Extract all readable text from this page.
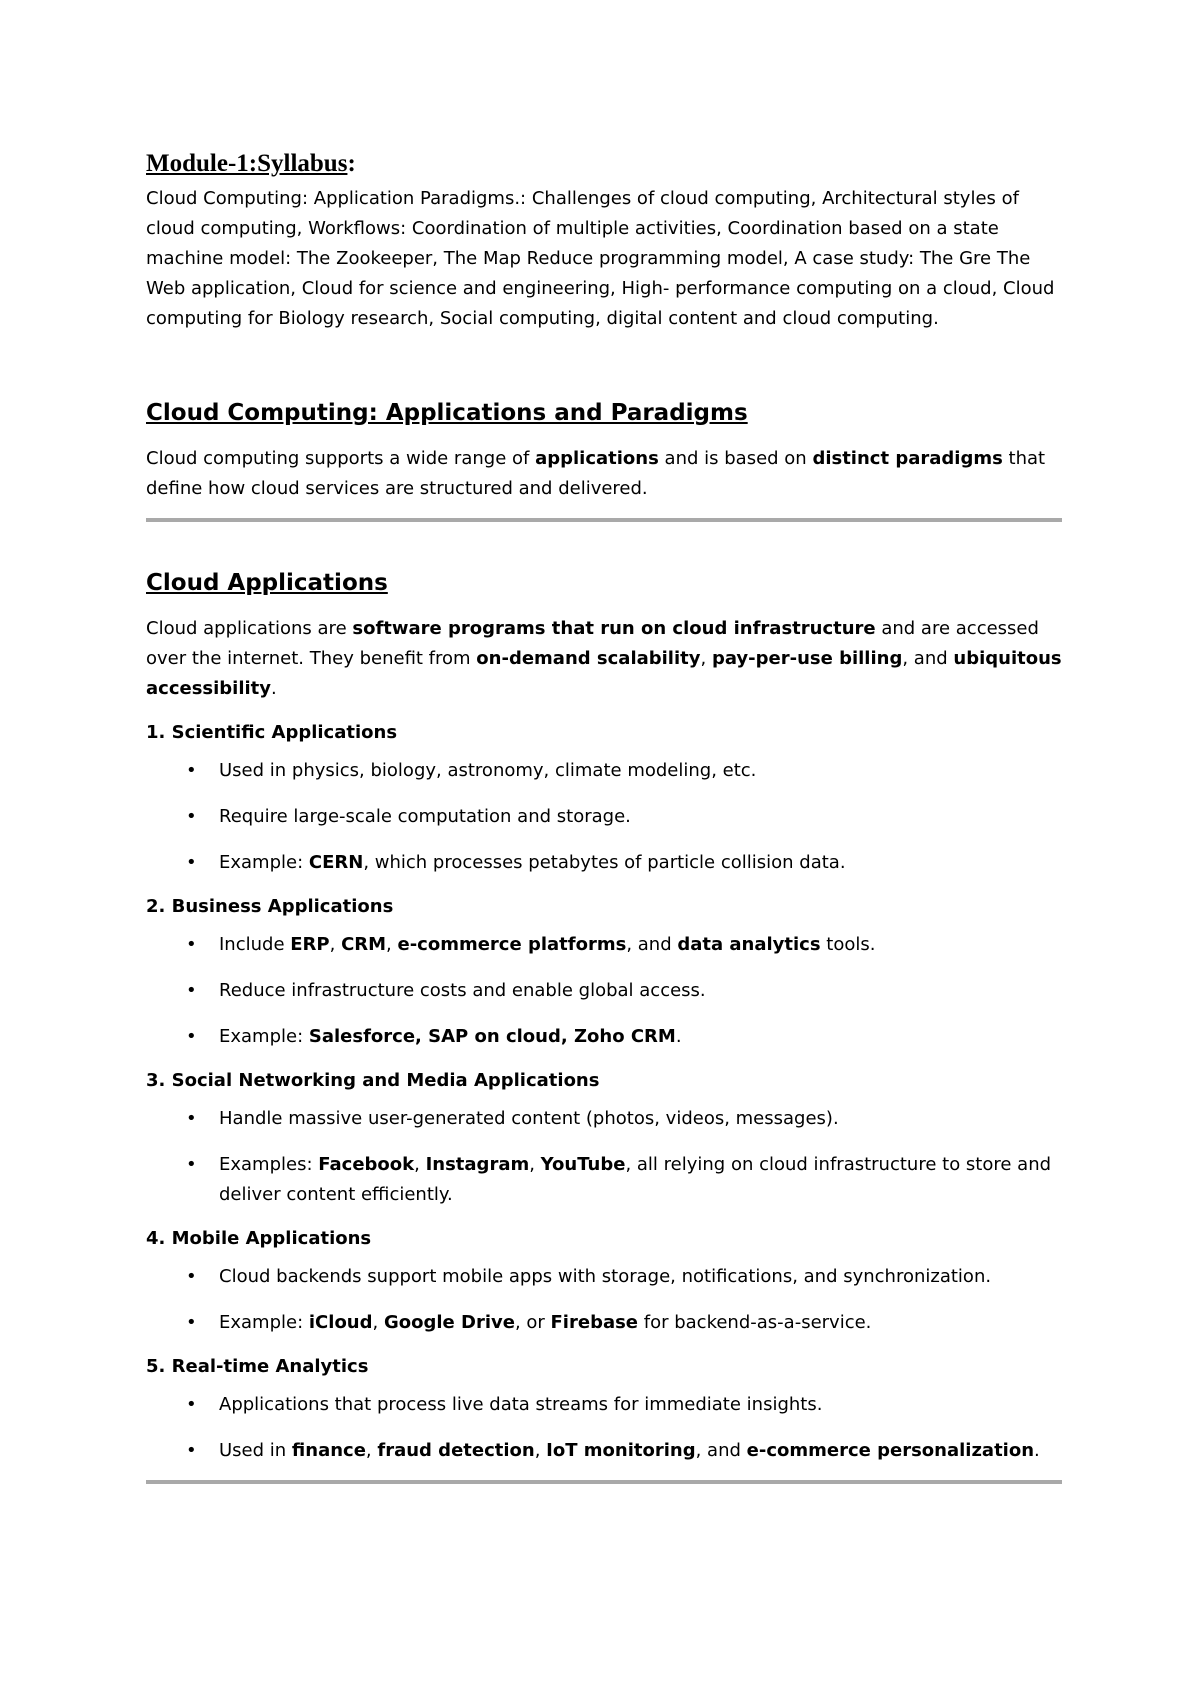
Module-1:Syllabus:

Cloud Computing: Application Paradigms.: Challenges of cloud computing, Architectural styles of cloud computing, Workflows: Coordination of multiple activities, Coordination based on a state machine model: The Zookeeper, The Map Reduce programming model, A case study: The Gre The Web application, Cloud for science and engineering, High- performance computing on a cloud, Cloud computing for Biology research, Social computing, digital content and cloud computing.

Cloud Computing: Applications and Paradigms

Cloud computing supports a wide range of applications and is based on distinct paradigms that define how cloud services are structured and delivered.

Cloud Applications

Cloud applications are software programs that run on cloud infrastructure and are accessed over the internet. They benefit from on-demand scalability, pay-per-use billing, and ubiquitous accessibility.

1. Scientific Applications
• Used in physics, biology, astronomy, climate modeling, etc.
• Require large-scale computation and storage.
• Example: CERN, which processes petabytes of particle collision data.
2. Business Applications
• Include ERP, CRM, e-commerce platforms, and data analytics tools.
• Reduce infrastructure costs and enable global access.
• Example: Salesforce, SAP on cloud, Zoho CRM.
3. Social Networking and Media Applications
• Handle massive user-generated content (photos, videos, messages).
• Examples: Facebook, Instagram, YouTube, all relying on cloud infrastructure to store and deliver content efficiently.
4. Mobile Applications
• Cloud backends support mobile apps with storage, notifications, and synchronization.
• Example: iCloud, Google Drive, or Firebase for backend-as-a-service.
5. Real-time Analytics
• Applications that process live data streams for immediate insights.
• Used in finance, fraud detection, IoT monitoring, and e-commerce personalization.
